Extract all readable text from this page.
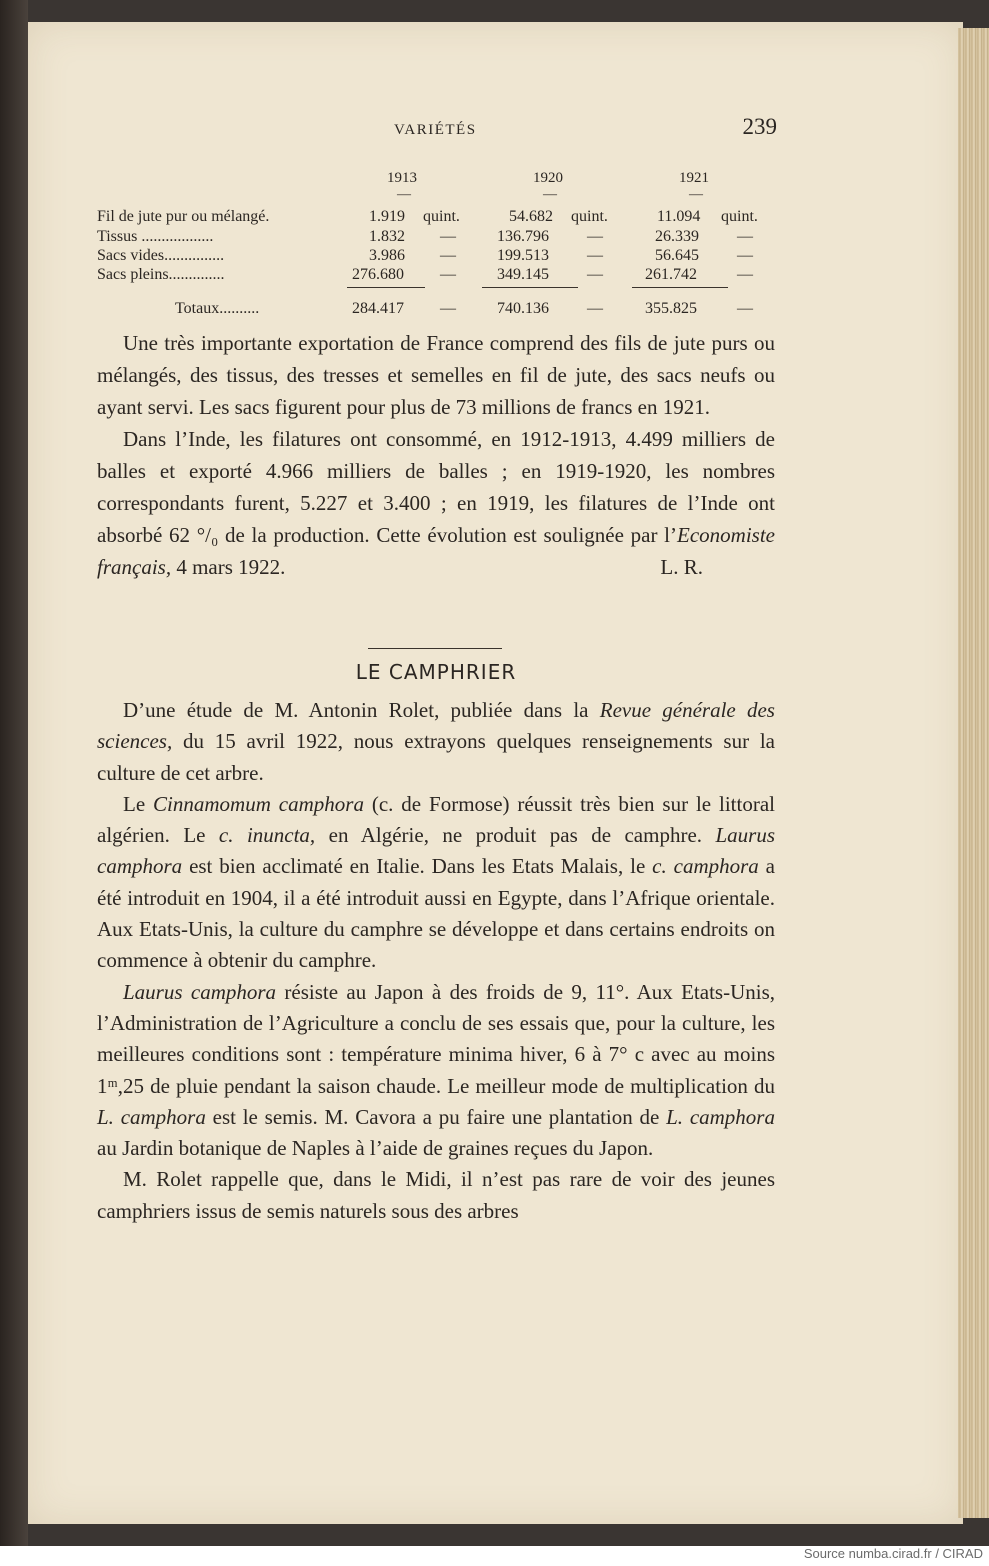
VARIÉTÉS	239
1913	1920	1921
—	—	—
Fil de jute pur ou mélangé.	1.919 quint.	54.682 quint.	11.094 quint.
Tissus ..................	1.832 —	136.796 —	26.339 —
Sacs vides...............	3.986 —	199.513 —	56.645 —
Sacs pleins..............	276.680 —	349.145 —	261.742	—
Totaux..........	284.417 —	740.136 —	355.825	—

Une très importante exportation de France comprend des fils de jute purs ou mélangés, des tissus, des tresses et semelles en fil de jute, des sacs neufs ou ayant servi. Les sacs figurent pour plus de 73 millions de francs en 1921.

Dans l’Inde, les filatures ont consommé, en 1912-1913, 4.499 milliers de balles et exporté 4.966 milliers de balles ; en 1919-1920, les nombres correspondants furent, 5.227 et 3.400 ; en 1919, les filatures de l’Inde ont absorbé 62 °/₀ de la production. Cette évolution est soulignée par l’Economiste français, 4 mars 1922.	L. R.

LE CAMPHRIER

D’une étude de M. Antonin Rolet, publiée dans la Revue générale des sciences, du 15 avril 1922, nous extrayons quelques renseignements sur la culture de cet arbre.

Le Cinnamomum camphora (c. de Formose) réussit très bien sur le littoral algérien. Le c. inuncta, en Algérie, ne produit pas de camphre. Laurus camphora est bien acclimaté en Italie. Dans les Etats Malais, le c. camphora a été introduit en 1904, il a été introduit aussi en Egypte, dans l’Afrique orientale. Aux Etats-Unis, la culture du camphre se développe et dans certains endroits on commence à obtenir du camphre.

Laurus camphora résiste au Japon à des froids de 9, 11°. Aux Etats-Unis, l’Administration de l’Agriculture a conclu de ses essais que, pour la culture, les meilleures conditions sont : température minima hiver, 6 à 7° c avec au moins 1ᵐ,25 de pluie pendant la saison chaude. Le meilleur mode de multiplication du L. camphora est le semis. M. Cavora a pu faire une plantation de L. camphora au Jardin botanique de Naples à l’aide de graines reçues du Japon.

M. Rolet rappelle que, dans le Midi, il n’est pas rare de voir des jeunes camphriers issus de semis naturels sous des arbres

Source numba.cirad.fr / CIRAD
